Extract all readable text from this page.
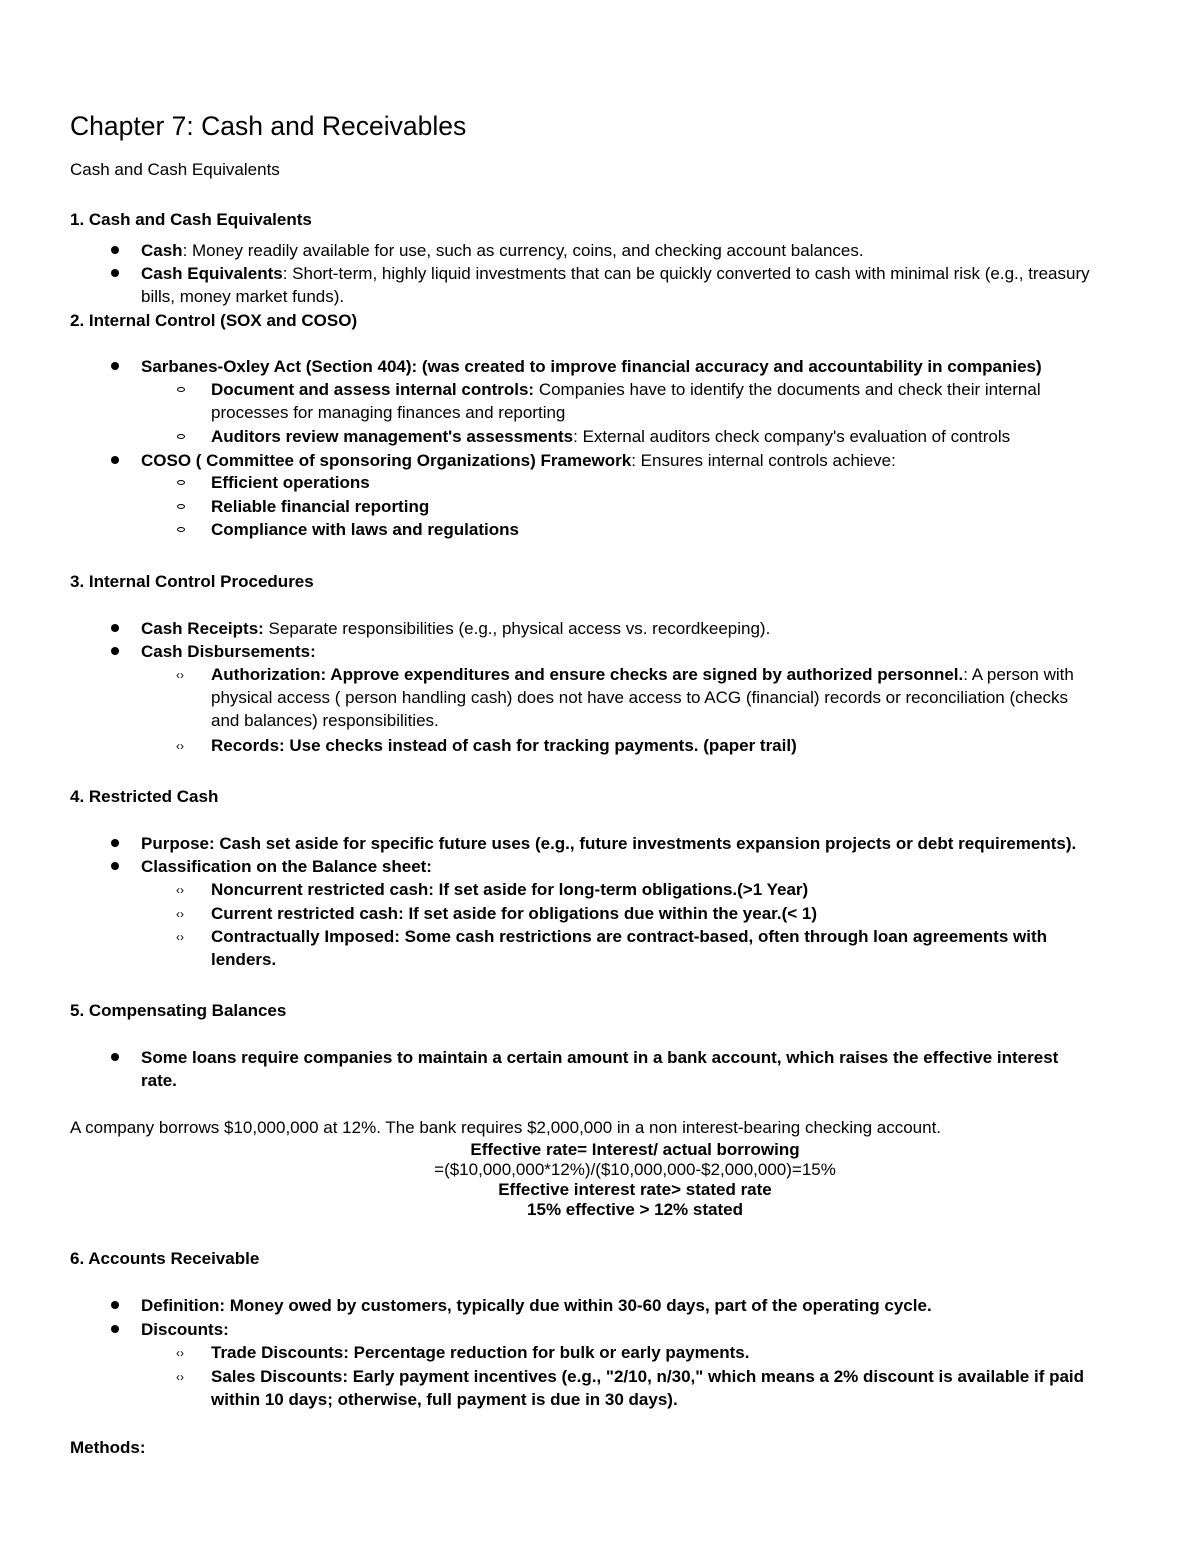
Chapter 7: Cash and Receivables
Cash and Cash Equivalents
1. Cash and Cash Equivalents
Cash: Money readily available for use, such as currency, coins, and checking account balances.
Cash Equivalents: Short-term, highly liquid investments that can be quickly converted to cash with minimal risk (e.g., treasury
bills, money market funds).
2. Internal Control (SOX and COSO)
Sarbanes-Oxley Act (Section 404): (was created to improve financial accuracy and accountability in companies)
Document and assess internal controls: Companies have to identify the documents and check their internal
processes for managing finances and reporting
Auditors review management's assessments: External auditors check company's evaluation of controls
COSO ( Committee of sponsoring Organizations) Framework: Ensures internal controls achieve:
Efficient operations
Reliable financial reporting
Compliance with laws and regulations
3. Internal Control Procedures
Cash Receipts: Separate responsibilities (e.g., physical access vs. recordkeeping).
Cash Disbursements:
‹› Authorization: Approve expenditures and ensure checks are signed by authorized personnel.: A person with
physical access ( person handling cash) does not have access to ACG (financial) records or reconciliation (checks
and balances) responsibilities.
‹› Records: Use checks instead of cash for tracking payments. (paper trail)
4. Restricted Cash
Purpose: Cash set aside for specific future uses (e.g., future investments expansion projects or debt requirements).
Classification on the Balance sheet:
‹› Noncurrent restricted cash: If set aside for long-term obligations.(>1 Year)
‹› Current restricted cash: If set aside for obligations due within the year.(< 1)
‹› Contractually Imposed: Some cash restrictions are contract-based, often through loan agreements with
lenders.
5. Compensating Balances
Some loans require companies to maintain a certain amount in a bank account, which raises the effective interest
rate.
A company borrows $10,000,000 at 12%. The bank requires $2,000,000 in a non interest-bearing checking account.
Effective rate= Interest/ actual borrowing
=($10,000,000*12%)/($10,000,000-$2,000,000)=15%
Effective interest rate> stated rate
15% effective > 12% stated
6. Accounts Receivable
Definition: Money owed by customers, typically due within 30-60 days, part of the operating cycle.
Discounts:
‹› Trade Discounts: Percentage reduction for bulk or early payments.
‹› Sales Discounts: Early payment incentives (e.g., "2/10, n/30," which means a 2% discount is available if paid
within 10 days; otherwise, full payment is due in 30 days).
Methods:
